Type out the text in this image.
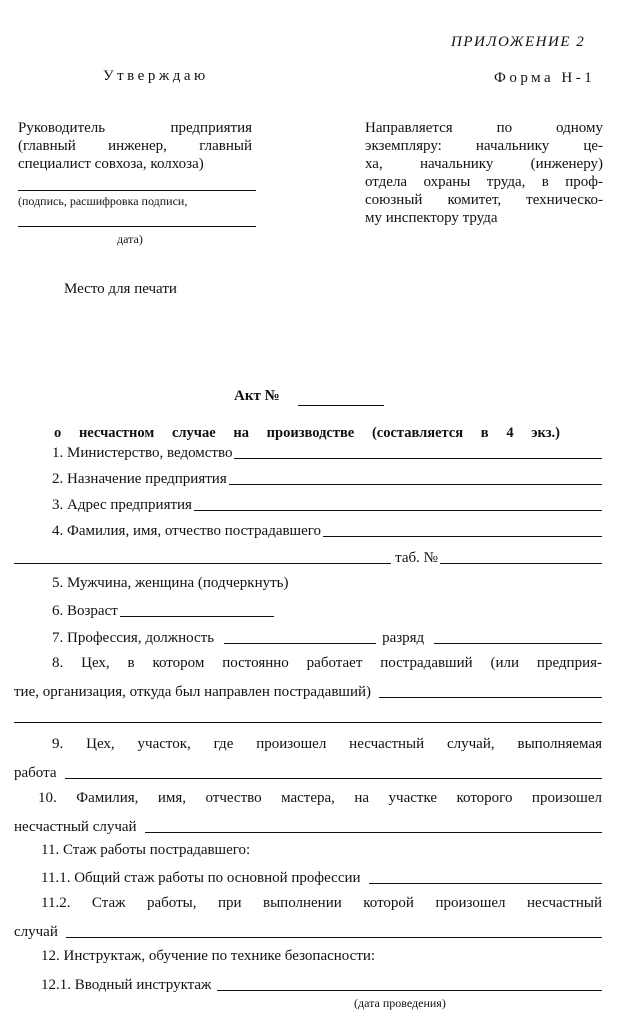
ПРИЛОЖЕНИЕ 2
Утверждаю	Форма Н-1
Руководитель предприятия
(главный инженер, главный
специалист совхоза, колхоза)
(подпись, расшифровка подписи,
дата)
Место для печати
Направляется по одному
экземпляру: начальнику це-
ха, начальнику (инженеру)
отдела охраны труда, в проф-
союзный комитет, техническо-
му инспектору труда
Акт №
о несчастном случае на производстве (составляется в 4 экз.)
1. Министерство, ведомство
2. Назначение предприятия
3. Адрес предприятия
4. Фамилия, имя, отчество пострадавшего
таб. №
5. Мужчина, женщина (подчеркнуть)
6. Возраст
7. Профессия, должность	разряд
8. Цех, в котором постоянно работает пострадавший (или предприя-
тие, организация, откуда был направлен пострадавший)
9. Цех, участок, где произошел несчастный случай, выполняемая
работа
10. Фамилия, имя, отчество мастера, на участке которого произошел
несчастный случай
11. Стаж работы пострадавшего:
11.1. Общий стаж работы по основной профессии
11.2. Стаж работы, при выполнении которой произошел несчастный
случай
12. Инструктаж, обучение по технике безопасности:
12.1. Вводный инструктаж
(дата проведения)
